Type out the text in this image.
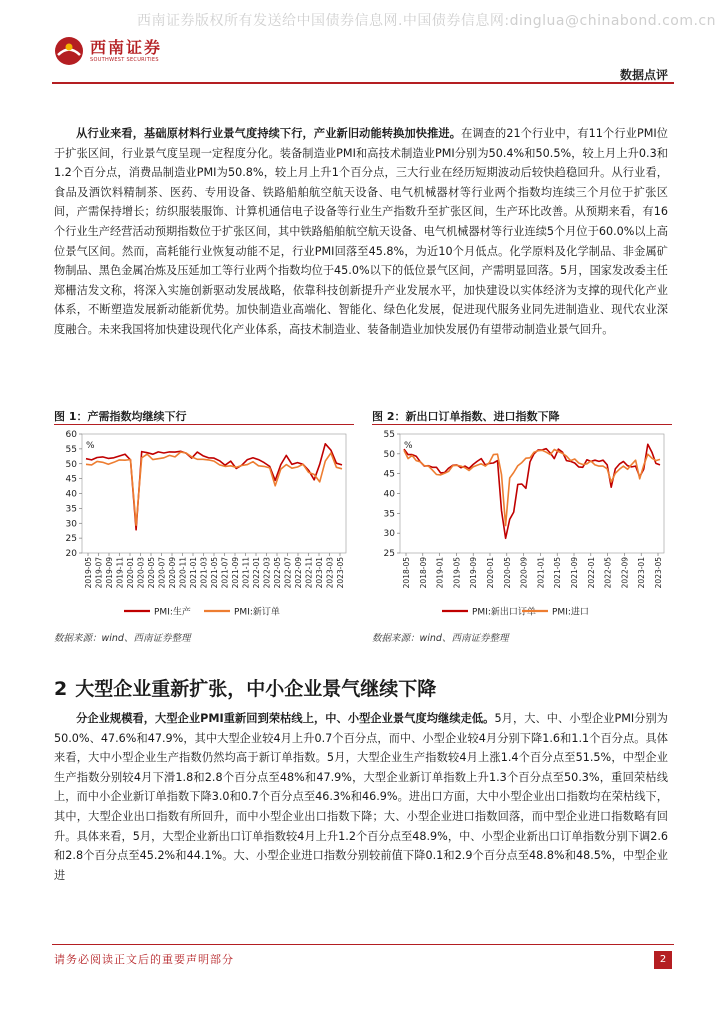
西南证券版权所有发送给中国债券信息网.中国债券信息网:dinglua@chinabond.com.cn
西南证券
SOUTHWEST SECURITIES
数据点评

从行业来看，基础原材料行业景气度持续下行，产业新旧动能转换加快推进。在调查的21个行业中，有11个行业PMI位于扩张区间，行业景气度呈现一定程度分化。装备制造业PMI和高技术制造业PMI分别为50.4%和50.5%，较上月上升0.3和1.2个百分点，消费品制造业PMI为50.8%，较上月上升1个百分点，三大行业在经历短期波动后较快趋稳回升。从行业看，食品及酒饮料精制茶、医药、专用设备、铁路船舶航空航天设备、电气机械器材等行业两个指数均连续三个月位于扩张区间，产需保持增长；纺织服装服饰、计算机通信电子设备等行业生产指数升至扩张区间，生产环比改善。从预期来看，有16个行业生产经营活动预期指数位于扩张区间，其中铁路船舶航空航天设备、电气机械器材等行业连续5个月位于60.0%以上高位景气区间。然而，高耗能行业恢复动能不足，行业PMI回落至45.8%，为近10个月低点。化学原料及化学制品、非金属矿物制品、黑色金属冶炼及压延加工等行业两个指数均位于45.0%以下的低位景气区间，产需明显回落。5月，国家发改委主任郑栅洁发文称，将深入实施创新驱动发展战略，依靠科技创新提升产业发展水平，加快建设以实体经济为支撑的现代化产业体系，不断塑造发展新动能新优势。加快制造业高端化、智能化、绿色化发展，促进现代服务业同先进制造业、现代农业深度融合。未来我国将加快建设现代化产业体系，高技术制造业、装备制造业加快发展仍有望带动制造业景气回升。

图 1：产需指数均继续下行
20
25
30
35
40
45
50
55
60
%
2019-05 2019-07 2019-09 2019-11 2020-01 2020-03 2020-05 2020-07 2020-09 2020-11 2021-01 2021-03 2021-05 2021-07 2021-09 2021-11 2022-01 2022-03 2022-05 2022-07 2022-09 2022-11 2023-01 2023-03 2023-05
PMI:生产	PMI:新订单
数据来源：wind、西南证券整理
图 2：新出口订单指数、进口指数下降
25
30
35
40
45
50
55
%
2018-05 2018-09 2019-01 2019-05 2019-09 2020-01 2020-05 2020-09 2021-01 2021-05 2021-09 2022-01 2022-05 2022-09 2023-01 2023-05
PMI:新出口订单 PMI:进口
数据来源：wind、西南证券整理
2 大型企业重新扩张，中小企业景气继续下降

分企业规模看，大型企业PMI重新回到荣枯线上，中、小型企业景气度均继续走低。5月，大、中、小型企业PMI分别为50.0%、47.6%和47.9%，其中大型企业较4月上升0.7个百分点，而中、小型企业较4月分别下降1.6和1.1个百分点。具体来看，大中小型企业生产指数仍然均高于新订单指数。5月，大型企业生产指数较4月上涨1.4个百分点至51.5%，中型企业生产指数分别较4月下滑1.8和2.8个百分点至48%和47.9%，大型企业新订单指数上升1.3个百分点至50.3%，重回荣枯线上，而中小企业新订单指数下降3.0和0.7个百分点至46.3%和46.9%。进出口方面，大中小型企业出口指数均在荣枯线下，其中，大型企业出口指数有所回升，而中小型企业出口指数下降；大、小型企业进口指数回落，而中型企业进口指数略有回升。具体来看，5月，大型企业新出口订单指数较4月上升1.2个百分点至48.9%，中、小型企业新出口订单指数分别下调2.6和2.8个百分点至45.2%和44.1%。大、小型企业进口指数分别较前值下降0.1和2.9个百分点至48.8%和48.5%，中型企业进

请务必阅读正文后的重要声明部分	2
